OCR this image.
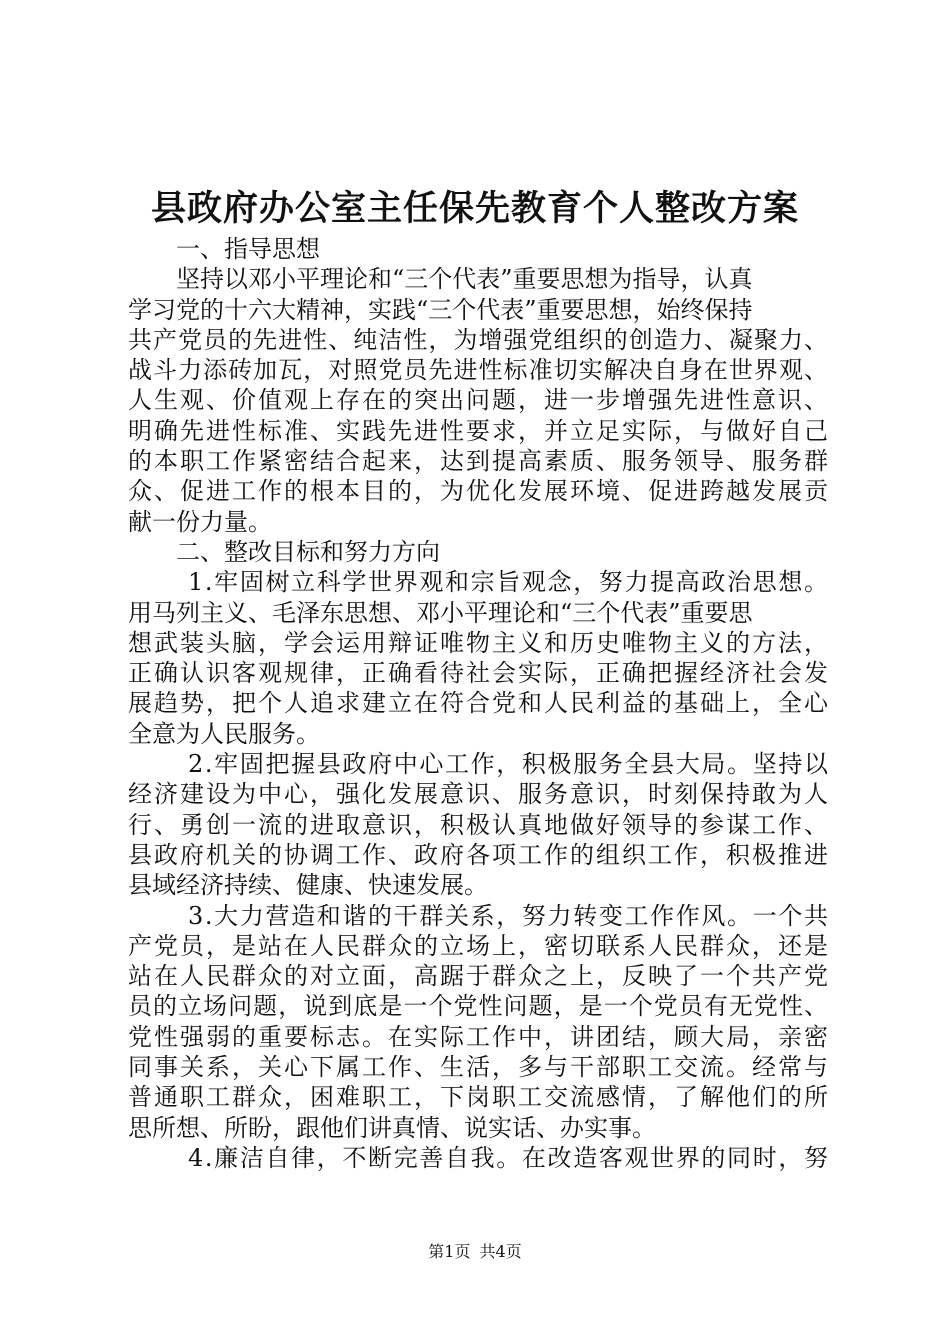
县政府办公室主任保先教育个人整改方案
一、指导思想
坚持以邓小平理论和“三个代表”重要思想为指导，认真
学习党的十六大精神，实践“三个代表”重要思想，始终保持
共产党员的先进性、纯洁性，为增强党组织的创造力、凝聚力、
战斗力添砖加瓦，对照党员先进性标准切实解决自身在世界观、
人生观、价值观上存在的突出问题，进一步增强先进性意识、
明确先进性标准、实践先进性要求，并立足实际，与做好自己
的本职工作紧密结合起来，达到提高素质、服务领导、服务群
众、促进工作的根本目的，为优化发展环境、促进跨越发展贡
献一份力量。
二、整改目标和努力方向
1.牢固树立科学世界观和宗旨观念，努力提高政治思想。
用马列主义、毛泽东思想、邓小平理论和“三个代表”重要思
想武装头脑，学会运用辩证唯物主义和历史唯物主义的方法，
正确认识客观规律，正确看待社会实际，正确把握经济社会发
展趋势，把个人追求建立在符合党和人民利益的基础上，全心
全意为人民服务。
2.牢固把握县政府中心工作，积极服务全县大局。坚持以
经济建设为中心，强化发展意识、服务意识，时刻保持敢为人
行、勇创一流的进取意识，积极认真地做好领导的参谋工作、
县政府机关的协调工作、政府各项工作的组织工作，积极推进
县域经济持续、健康、快速发展。
3.大力营造和谐的干群关系，努力转变工作作风。一个共
产党员，是站在人民群众的立场上，密切联系人民群众，还是
站在人民群众的对立面，高踞于群众之上，反映了一个共产党
员的立场问题，说到底是一个党性问题，是一个党员有无党性、
党性强弱的重要标志。在实际工作中，讲团结，顾大局，亲密
同事关系，关心下属工作、生活，多与干部职工交流。经常与
普通职工群众，困难职工，下岗职工交流感情，了解他们的所
思所想、所盼，跟他们讲真情、说实话、办实事。
4.廉洁自律，不断完善自我。在改造客观世界的同时，努
第1页 共4页
